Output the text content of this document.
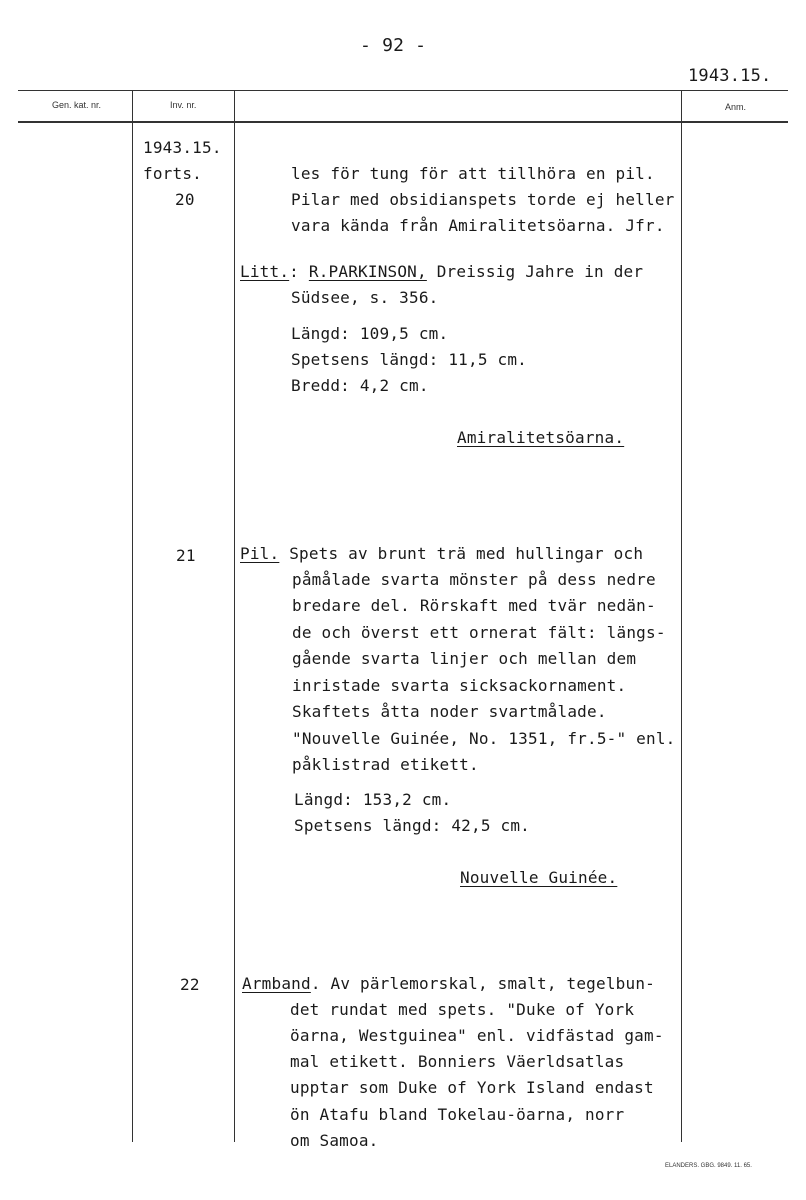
- 92 -
1943.15.
Gen. kat. nr.	Inv. nr.	Anm.
1943.15.
forts.
20
21
22
les för tung för att tillhöra en pil.
Pilar med obsidianspets torde ej heller
vara kända från Amiralitetsöarna. Jfr.
Litt.: R.PARKINSON, Dreissig Jahre in der
Südsee, s. 356.
Längd: 109,5 cm.
Spetsens längd: 11,5 cm.
Bredd: 4,2 cm.
Amiralitetsöarna.
Pil. Spets av brunt trä med hullingar och
påmålade svarta mönster på dess nedre
bredare del. Rörskaft med tvär nedän-
de och överst ett ornerat fält: längs-
gående svarta linjer och mellan dem
inristade svarta sicksackornament.
Skaftets åtta noder svartmålade.
"Nouvelle Guinée, No. 1351, fr.5-" enl.
påklistrad etikett.
Längd: 153,2 cm.
Spetsens längd: 42,5 cm.
Nouvelle Guinée.
Armband. Av pärlemorskal, smalt, tegelbun-
det rundat med spets. "Duke of York
öarna, Westguinea" enl. vidfästad gam-
mal etikett. Bonniers Väerldsatlas
upptar som Duke of York Island endast
ön Atafu bland Tokelau-öarna, norr
om Samoa.
ELANDERS. GBG. 9849. 11. 65.
